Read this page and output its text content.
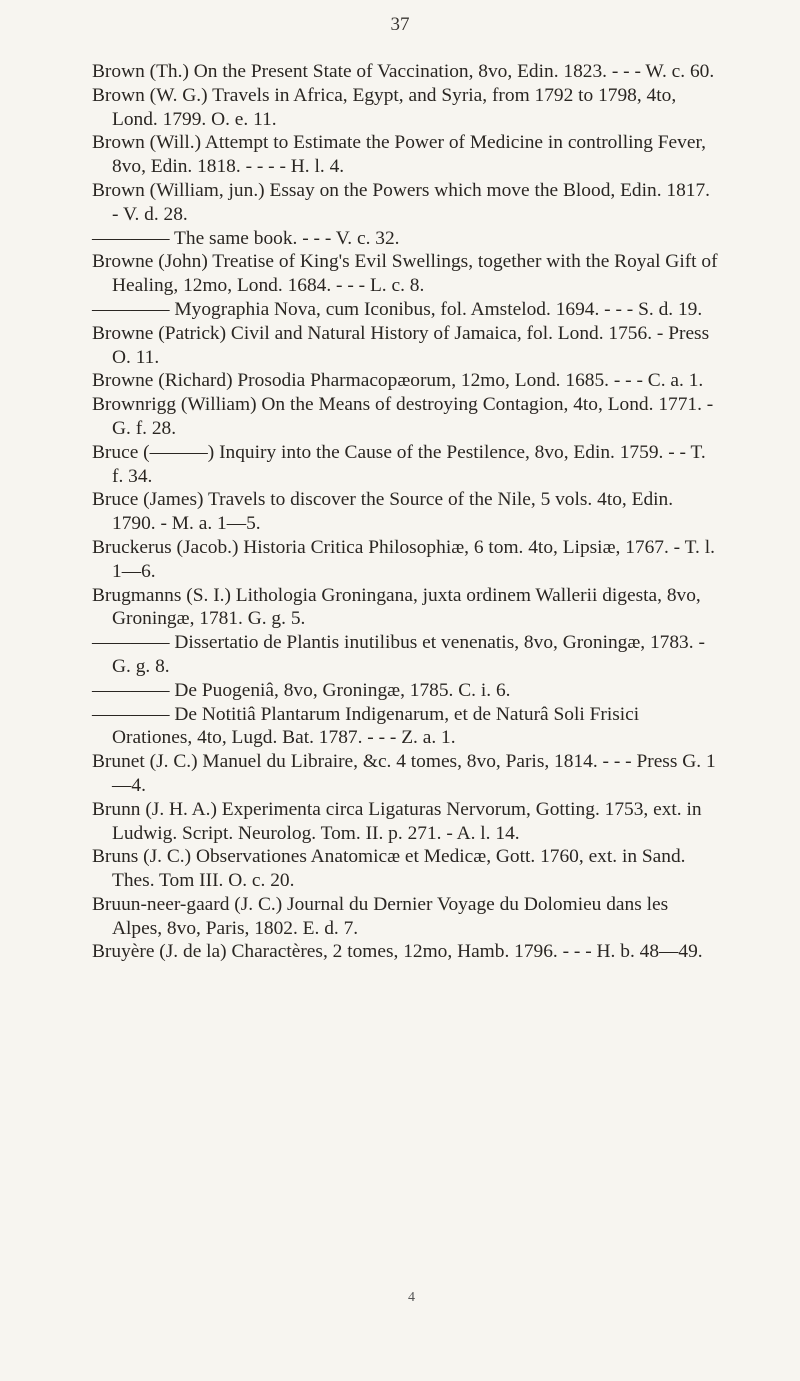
37

Brown (Th.) On the Present State of Vaccination, 8vo, Edin. 1823. - - - W. c. 60.

Brown (W. G.) Travels in Africa, Egypt, and Syria, from 1792 to 1798, 4to, Lond. 1799. O. e. 11.

Brown (Will.) Attempt to Estimate the Power of Medicine in controlling Fever, 8vo, Edin. 1818. - - - - H. l. 4.

Brown (William, jun.) Essay on the Powers which move the Blood, Edin. 1817. - V. d. 28.

———— The same book. - - - V. c. 32.

Browne (John) Treatise of King's Evil Swellings, together with the Royal Gift of Healing, 12mo, Lond. 1684. - - - L. c. 8.

———— Myographia Nova, cum Iconibus, fol. Amstelod. 1694. - - - S. d. 19.

Browne (Patrick) Civil and Natural History of Jamaica, fol. Lond. 1756. - Press O. 11.

Browne (Richard) Prosodia Pharmacopæorum, 12mo, Lond. 1685. - - - C. a. 1.

Brownrigg (William) On the Means of destroying Contagion, 4to, Lond. 1771. - G. f. 28.

Bruce (———) Inquiry into the Cause of the Pestilence, 8vo, Edin. 1759. - - T. f. 34.

Bruce (James) Travels to discover the Source of the Nile, 5 vols. 4to, Edin. 1790. - M. a. 1—5.

Bruckerus (Jacob.) Historia Critica Philosophiæ, 6 tom. 4to, Lipsiæ, 1767. - T. l. 1—6.

Brugmanns (S. I.) Lithologia Groningana, juxta ordinem Wallerii digesta, 8vo, Groningæ, 1781. G. g. 5.

———— Dissertatio de Plantis inutilibus et venenatis, 8vo, Groningæ, 1783. - G. g. 8.

———— De Puogeniâ, 8vo, Groningæ, 1785. C. i. 6.

———— De Notitiâ Plantarum Indigenarum, et de Naturâ Soli Frisici Orationes, 4to, Lugd. Bat. 1787. - - - Z. a. 1.

Brunet (J. C.) Manuel du Libraire, &c. 4 tomes, 8vo, Paris, 1814. - - - Press G. 1—4.

Brunn (J. H. A.) Experimenta circa Ligaturas Nervorum, Gotting. 1753, ext. in Ludwig. Script. Neurolog. Tom. II. p. 271. - A. l. 14.

Bruns (J. C.) Observationes Anatomicæ et Medicæ, Gott. 1760, ext. in Sand. Thes. Tom III. O. c. 20.

Bruun-neer-gaard (J. C.) Journal du Dernier Voyage du Dolomieu dans les Alpes, 8vo, Paris, 1802. E. d. 7.

Bruyère (J. de la) Charactères, 2 tomes, 12mo, Hamb. 1796. - - - H. b. 48—49.

4
